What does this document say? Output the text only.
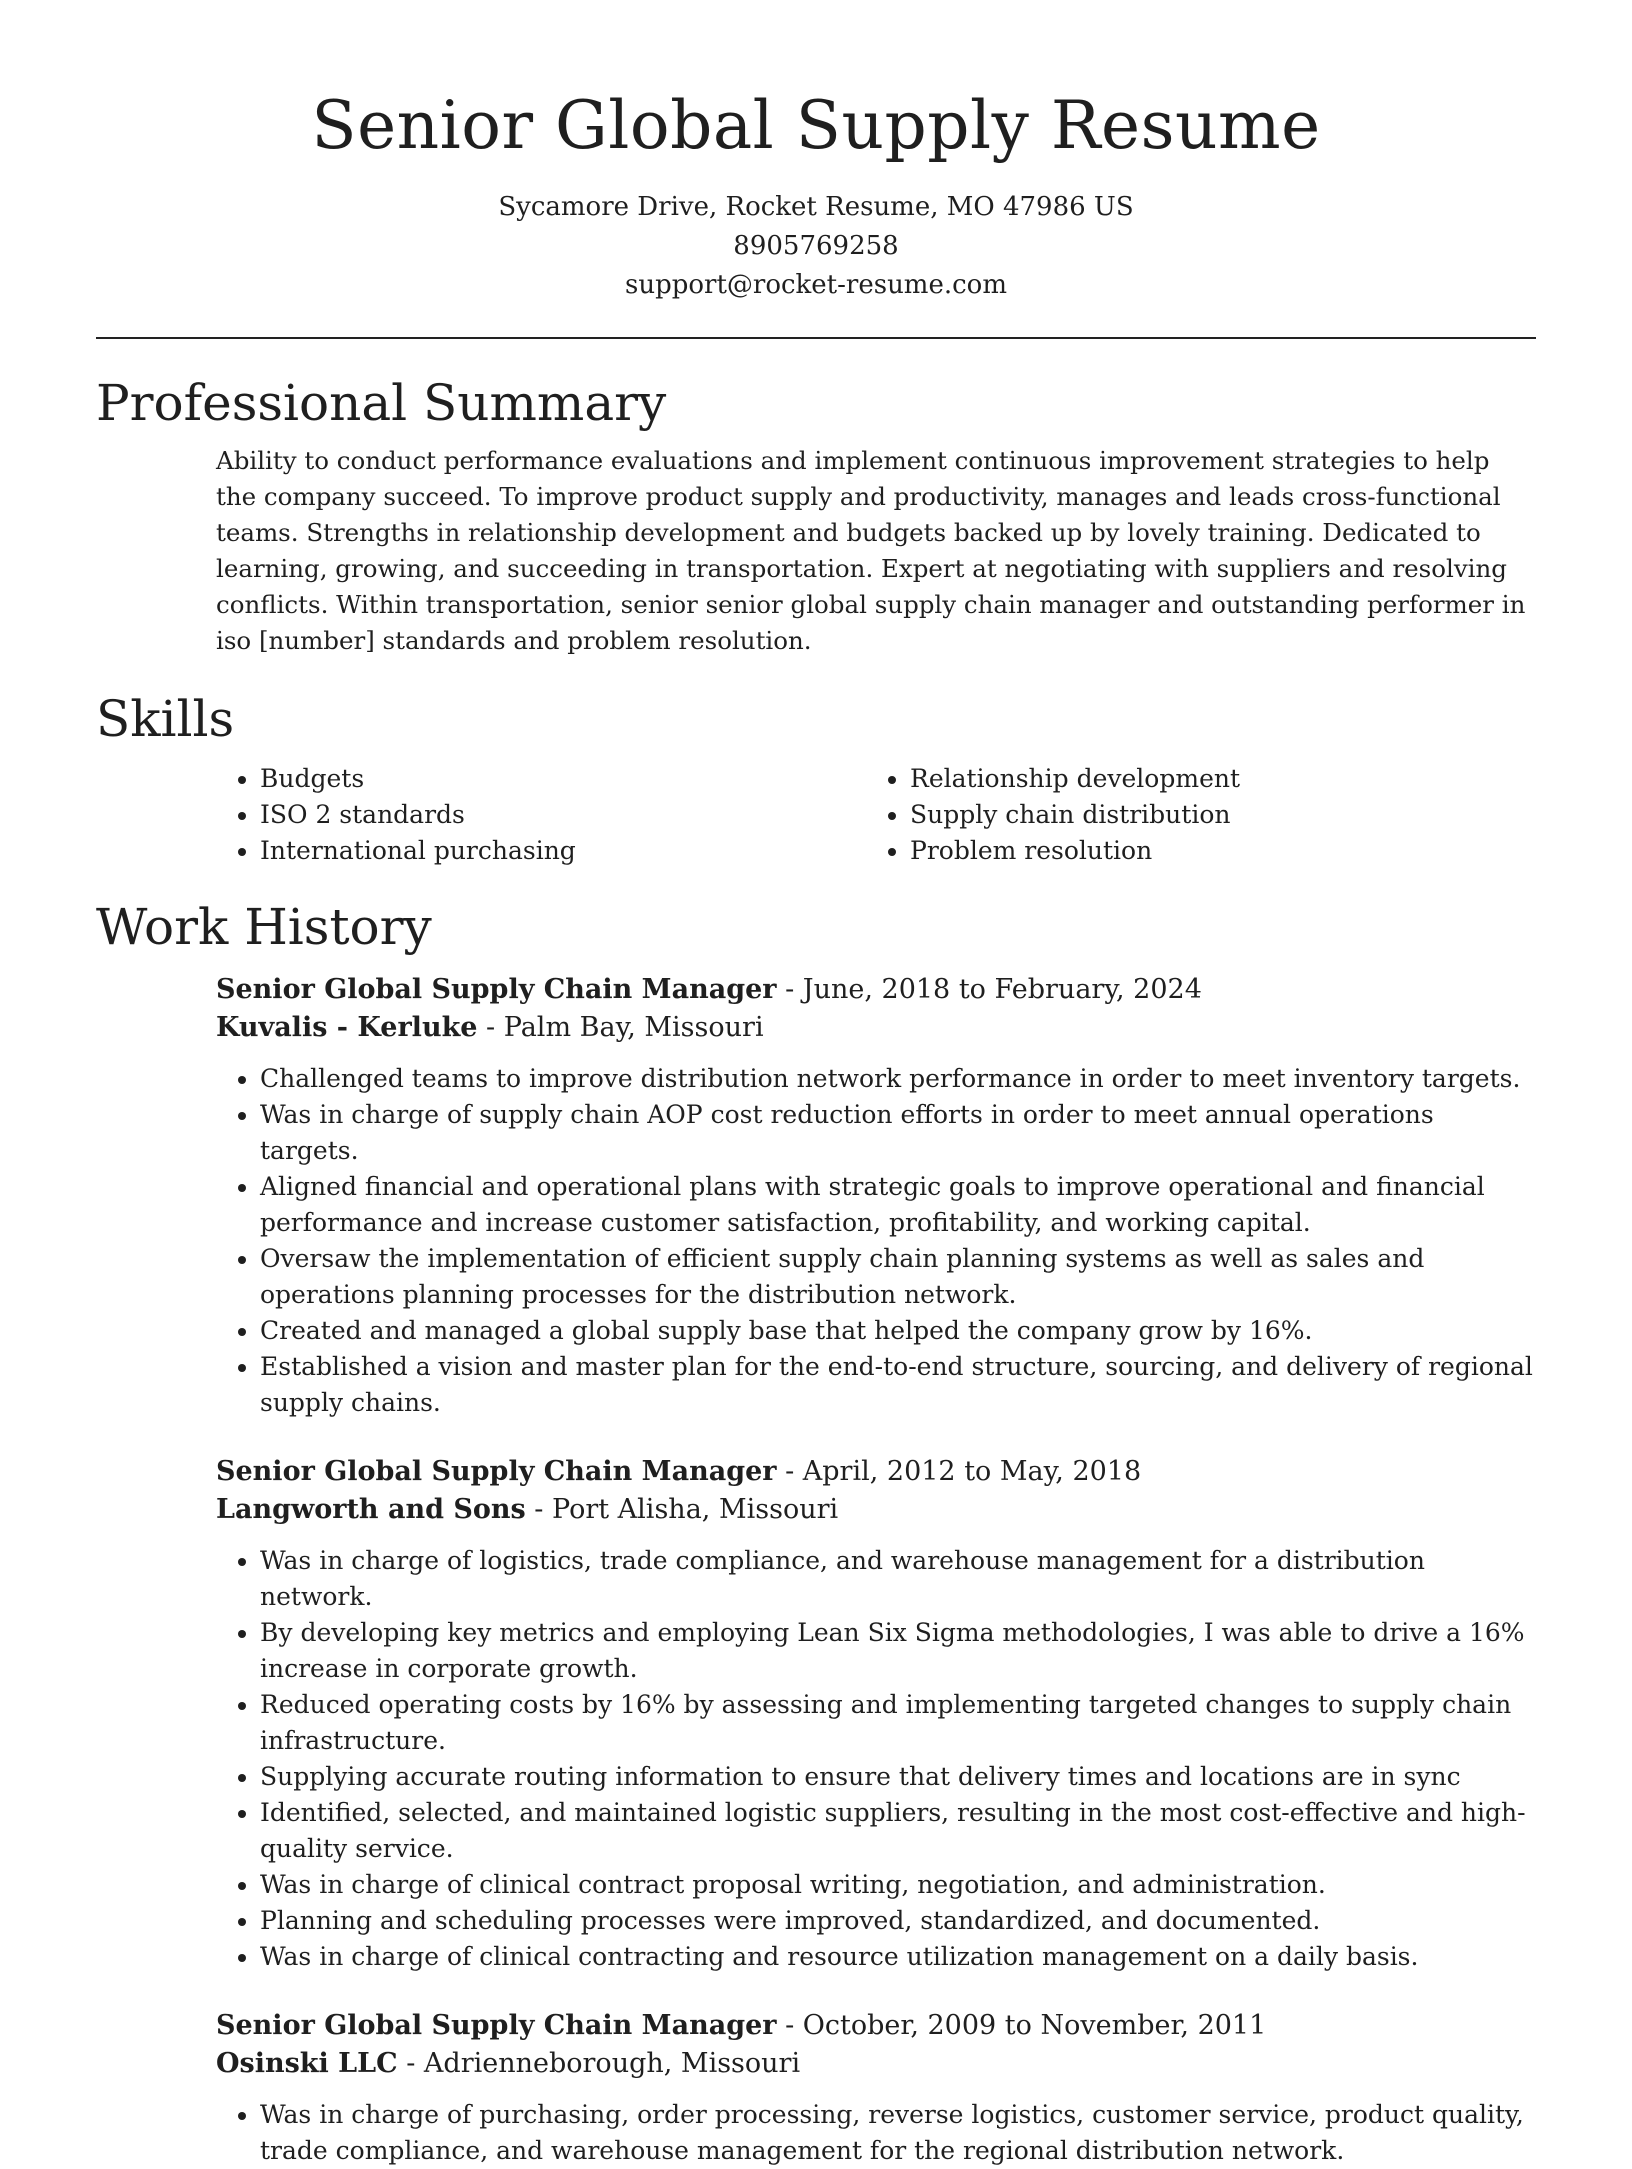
Senior Global Supply Resume
Sycamore Drive, Rocket Resume, MO 47986 US
8905769258
support@rocket-resume.com
Professional Summary

Ability to conduct performance evaluations and implement continuous improvement strategies to help the company succeed. To improve product supply and productivity, manages and leads cross-functional teams. Strengths in relationship development and budgets backed up by lovely training. Dedicated to learning, growing, and succeeding in transportation. Expert at negotiating with suppliers and resolving conflicts. Within transportation, senior senior global supply chain manager and outstanding performer in iso [number] standards and problem resolution.

Skills
• Budgets
• ISO 2 standards
• International purchasing
• Relationship development
• Supply chain distribution
• Problem resolution
Work History
Senior Global Supply Chain Manager - June, 2018 to February, 2024
Kuvalis - Kerluke - Palm Bay, Missouri
• Challenged teams to improve distribution network performance in order to meet inventory targets.
• Was in charge of supply chain AOP cost reduction efforts in order to meet annual operations targets.
• Aligned financial and operational plans with strategic goals to improve operational and financial performance and increase customer satisfaction, profitability, and working capital.
• Oversaw the implementation of efficient supply chain planning systems as well as sales and operations planning processes for the distribution network.
• Created and managed a global supply base that helped the company grow by 16%.
• Established a vision and master plan for the end-to-end structure, sourcing, and delivery of regional supply chains.
Senior Global Supply Chain Manager - April, 2012 to May, 2018
Langworth and Sons - Port Alisha, Missouri
• Was in charge of logistics, trade compliance, and warehouse management for a distribution network.
• By developing key metrics and employing Lean Six Sigma methodologies, I was able to drive a 16% increase in corporate growth.
• Reduced operating costs by 16% by assessing and implementing targeted changes to supply chain infrastructure.
• Supplying accurate routing information to ensure that delivery times and locations are in sync
• Identified, selected, and maintained logistic suppliers, resulting in the most cost-effective and high-quality service.
• Was in charge of clinical contract proposal writing, negotiation, and administration.
• Planning and scheduling processes were improved, standardized, and documented.
• Was in charge of clinical contracting and resource utilization management on a daily basis.
Senior Global Supply Chain Manager - October, 2009 to November, 2011
Osinski LLC - Adrienneborough, Missouri
• Was in charge of purchasing, order processing, reverse logistics, customer service, product quality, trade compliance, and warehouse management for the regional distribution network.
